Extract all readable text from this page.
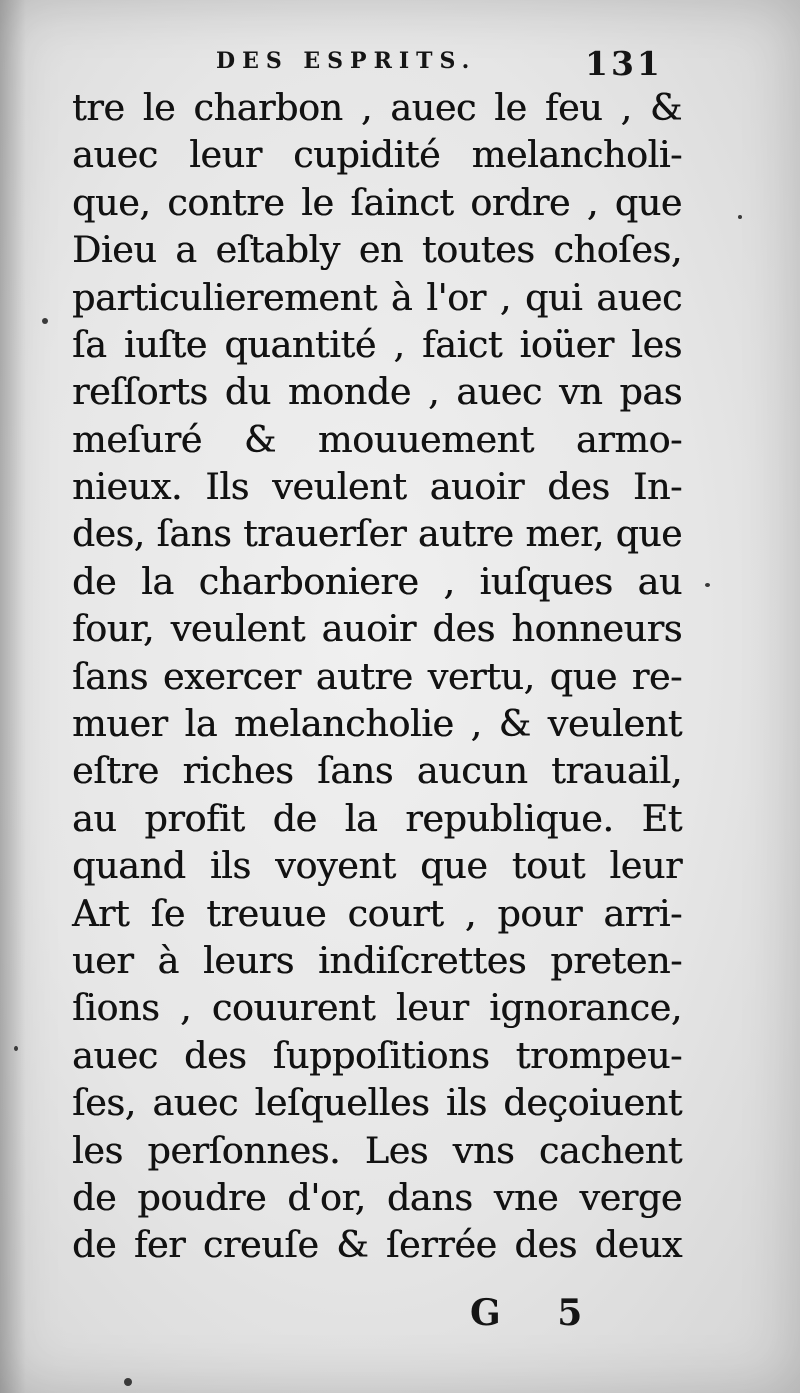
DES ESPRITS.	131
tre le charbon , auec le feu , &
auec leur cupidité melancholi-
que, contre le ſainct ordre , que
Dieu a eſtably en toutes choſes,
particulierement à l'or , qui auec
ſa iuſte quantité , faict ioüer les
reſſorts du monde , auec vn pas
meſuré & mouuement armo-
nieux. Ils veulent auoir des In-
des, ſans trauerſer autre mer, que
de la charboniere , iuſques au
four, veulent auoir des honneurs
ſans exercer autre vertu, que re-
muer la melancholie , & veulent
eſtre riches ſans aucun trauail,
au profit de la republique. Et
quand ils voyent que tout leur
Art ſe treuue court , pour arri-
uer à leurs indiſcrettes preten-
ſions , couurent leur ignorance,
auec des ſuppoſitions trompeu-
ſes, auec leſquelles ils deçoiuent
les perſonnes. Les vns cachent
de poudre d'or, dans vne verge
de fer creuſe & ſerrée des deux
G 5
